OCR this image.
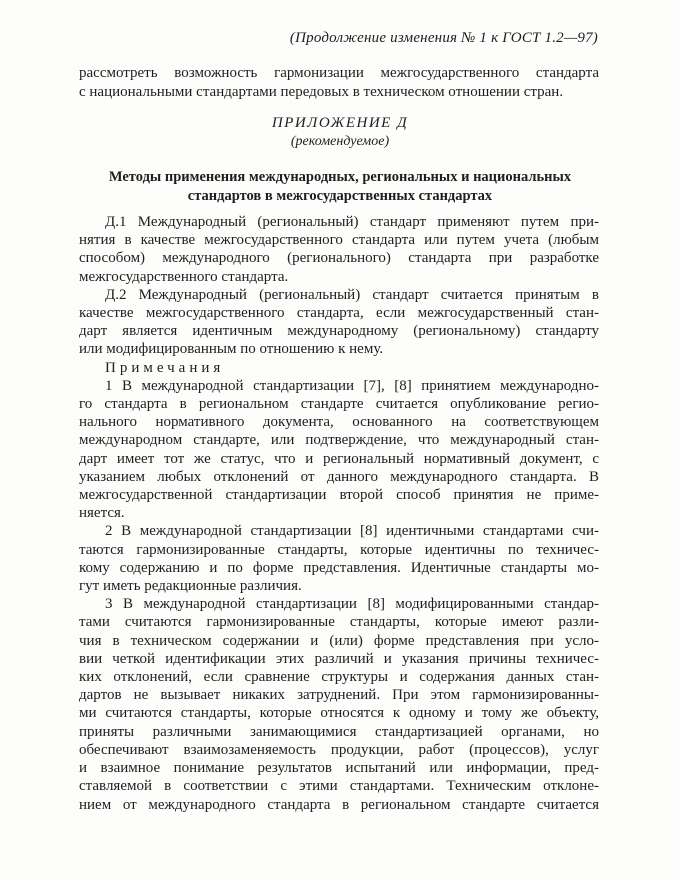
(Продолжение изменения № 1 к ГОСТ 1.2—97)
рассмотреть возможность гармонизации межгосударственного стандарта
с национальными стандартами передовых в техническом отношении стран.
ПРИЛОЖЕНИЕ Д
(рекомендуемое)
Методы применения международных, региональных и национальных
стандартов в межгосударственных стандартах
Д.1 Международный (региональный) стандарт применяют путем при-
нятия в качестве межгосударственного стандарта или путем учета (любым
способом) международного (регионального) стандарта при разработке
межгосударственного стандарта.
Д.2 Международный (региональный) стандарт считается принятым в
качестве межгосударственного стандарта, если межгосударственный стан-
дарт является идентичным международному (региональному) стандарту
или модифицированным по отношению к нему.
Примечания
1 В международной стандартизации [7], [8] принятием международно-
го стандарта в региональном стандарте считается опубликование регио-
нального нормативного документа, основанного на соответствующем
международном стандарте, или подтверждение, что международный стан-
дарт имеет тот же статус, что и региональный нормативный документ, с
указанием любых отклонений от данного международного стандарта. В
межгосударственной стандартизации второй способ принятия не приме-
няется.
2 В международной стандартизации [8] идентичными стандартами счи-
таются гармонизированные стандарты, которые идентичны по техничес-
кому содержанию и по форме представления. Идентичные стандарты мо-
гут иметь редакционные различия.
3 В международной стандартизации [8] модифицированными стандар-
тами считаются гармонизированные стандарты, которые имеют разли-
чия в техническом содержании и (или) форме представления при усло-
вии четкой идентификации этих различий и указания причины техничес-
ких отклонений, если сравнение структуры и содержания данных стан-
дартов не вызывает никаких затруднений. При этом гармонизированны-
ми считаются стандарты, которые относятся к одному и тому же объекту,
приняты различными занимающимися стандартизацией органами, но
обеспечивают взаимозаменяемость продукции, работ (процессов), услуг
и взаимное понимание результатов испытаний или информации, пред-
ставляемой в соответствии с этими стандартами. Техническим отклоне-
нием от международного стандарта в региональном стандарте считается
